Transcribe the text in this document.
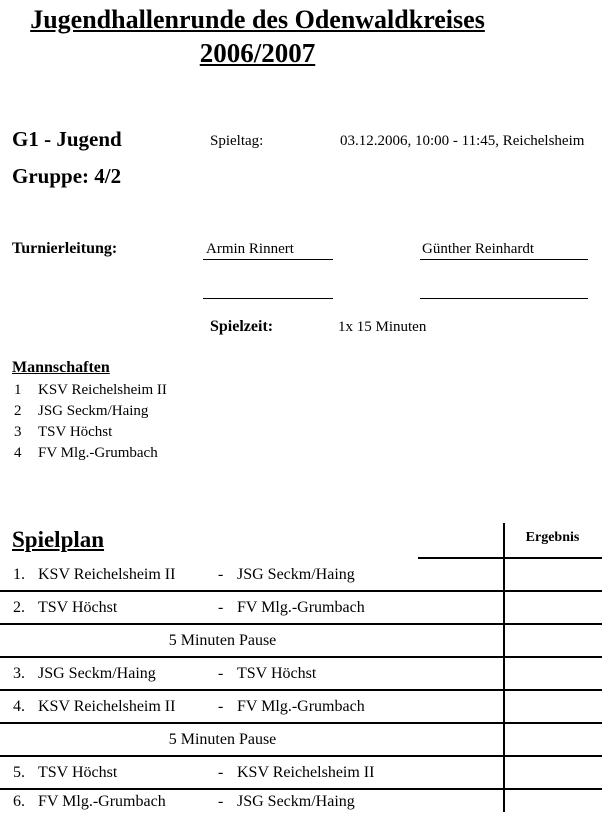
Jugendhallenrunde des Odenwaldkreises
2006/2007
G1 - Jugend
Gruppe: 4/2
Spieltag:	03.12.2006, 10:00 - 11:45, Reichelsheim
Turnierleitung:	Armin Rinnert	Günther Reinhardt
Spielzeit:	1x 15 Minuten
Mannschaften
1 KSV Reichelsheim II
2 JSG Seckm/Haing
3 TSV Höchst
4 FV Mlg.-Grumbach
Spielplan	Ergebnis
1. KSV Reichelsheim II	- JSG Seckm/Haing
2. TSV Höchst	- FV Mlg.-Grumbach
5 Minuten Pause
3. JSG Seckm/Haing	- TSV Höchst
4. KSV Reichelsheim II	- FV Mlg.-Grumbach
5 Minuten Pause
5. TSV Höchst	- KSV Reichelsheim II
6. FV Mlg.-Grumbach	- JSG Seckm/Haing
